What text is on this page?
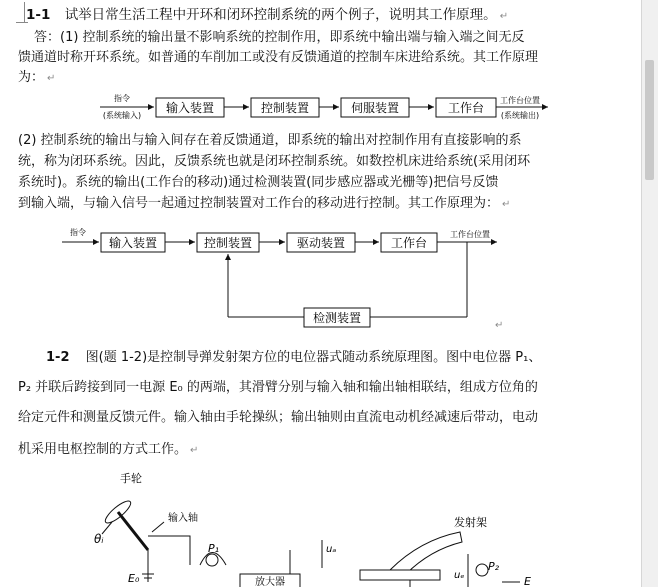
1-1 试举日常生活工程中开环和闭环控制系统的两个例子，说明其工作原理。 ↵
答：(1) 控制系统的输出量不影响系统的控制作用，即系统中输出端与输入端之间无反
馈通道时称开环系统。如普通的车削加工或没有反馈通道的控制车床进给系统。其工作原理
为： ↵
指令
(系统输入)
输入装置	控制装置	伺服装置	工作台
工作台位置
(系统输出)
(2) 控制系统的输出与输入间存在着反馈通道，即系统的输出对控制作用有直接影响的系
统，称为闭环系统。因此，反馈系统也就是闭环控制系统。如数控机床进给系统(采用闭环
系统时)。系统的输出(工作台的移动)通过检测装置(同步感应器或光栅等)把信号反馈
到输入端，与输入信号一起通过控制装置对工作台的移动进行控制。其工作原理为： ↵
指令
输入装置	控制装置	驱动装置	工作台
工作台位置
检测装置
↵
1-2 图(题 1-2)是控制导弹发射架方位的电位器式随动系统原理图。图中电位器 P₁、
P₂ 并联后跨接到同一电源 E₀ 的两端，其滑臂分别与输入轴和输出轴相联结，组成方位角的
给定元件和测量反馈元件。输入轴由手轮操纵；输出轴则由直流电动机经减速后带动，电动
机采用电枢控制的方式工作。 ↵
手轮
θᵢ
输入轴
P₁
E₀
uₐ
放大器
发射架
P₂
uₑ	E
